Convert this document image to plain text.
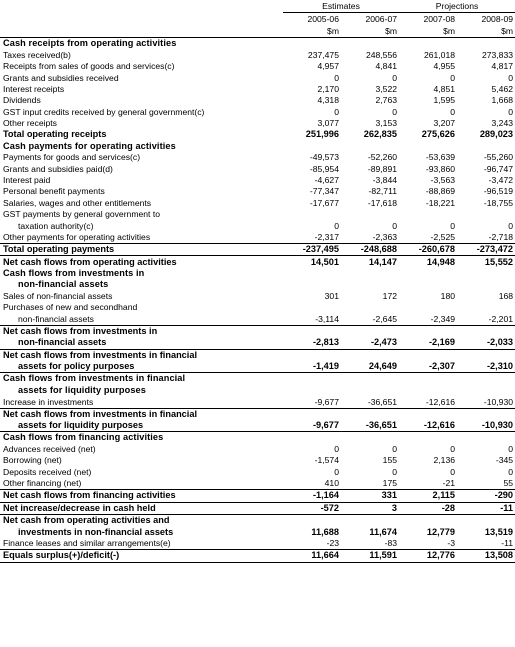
	Estimates		Projections	
	2005-06	2006-07	2007-08	2008-09
	$m	$m	$m	$m
Cash receipts from operating activities				
Taxes received(b)	237,475	248,556	261,018	273,833
Receipts from sales of goods and services(c)	4,957	4,841	4,955	4,817
Grants and subsidies received	0	0	0	0
Interest receipts	2,170	3,522	4,851	5,462
Dividends	4,318	2,763	1,595	1,668
GST input credits received by general government(c)	0	0	0	0
Other receipts	3,077	3,153	3,207	3,243
Total operating receipts	251,996	262,835	275,626	289,023
Cash payments for operating activities				
Payments for goods and services(c)	-49,573	-52,260	-53,639	-55,260
Grants and subsidies paid(d)	-85,954	-89,891	-93,860	-96,747
Interest paid	-4,627	-3,844	-3,563	-3,472
Personal benefit payments	-77,347	-82,711	-88,869	-96,519
Salaries, wages and other entitlements	-17,677	-17,618	-18,221	-18,755
GST payments by general government to				
taxation authority(c)	0	0	0	0
Other payments for operating activities	-2,317	-2,363	-2,525	-2,718
Total operating payments	-237,495	-248,688	-260,678	-273,472
Net cash flows from operating activities	14,501	14,147	14,948	15,552
Cash flows from investments in				
non-financial assets				
Sales of non-financial assets	301	172	180	168
Purchases of new and secondhand				
non-financial assets	-3,114	-2,645	-2,349	-2,201
Net cash flows from investments in				
non-financial assets	-2,813	-2,473	-2,169	-2,033
Net cash flows from investments in financial				
assets for policy purposes	-1,419	24,649	-2,307	-2,310
Cash flows from investments in financial				
assets for liquidity purposes				
Increase in investments	-9,677	-36,651	-12,616	-10,930
Net cash flows from investments in financial				
assets for liquidity purposes	-9,677	-36,651	-12,616	-10,930
Cash flows from financing activities				
Advances received (net)	0	0	0	0
Borrowing (net)	-1,574	155	2,136	-345
Deposits received (net)	0	0	0	0
Other financing (net)	410	175	-21	55
Net cash flows from financing activities	-1,164	331	2,115	-290
Net increase/decrease in cash held	-572	3	-28	-11
Net cash from operating activities and				
investments in non-financial assets	11,688	11,674	12,779	13,519
Finance leases and similar arrangements(e)	-23	-83	-3	-11
Equals surplus(+)/deficit(-)	11,664	11,591	12,776	13,508
